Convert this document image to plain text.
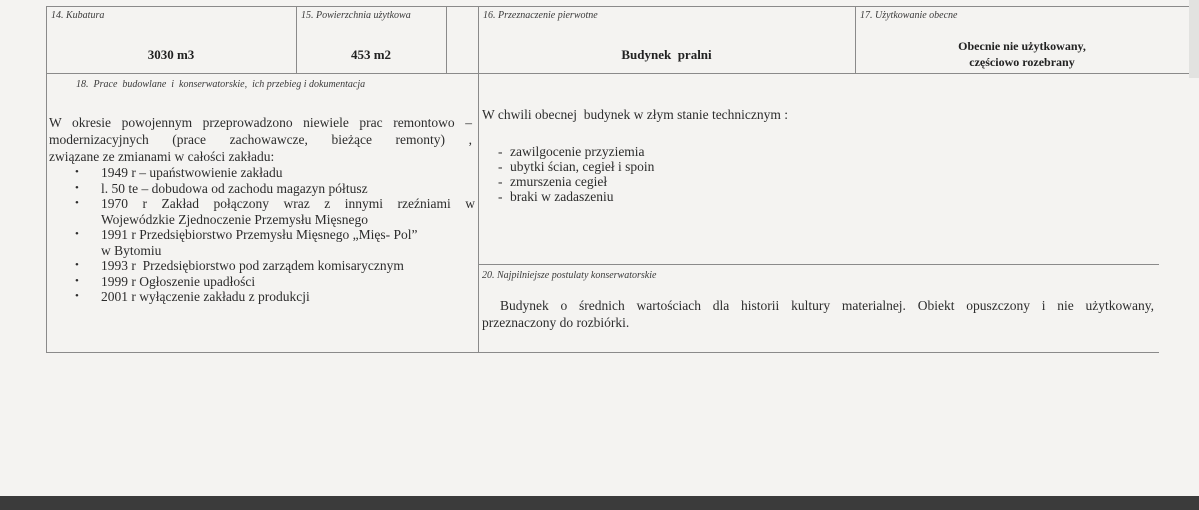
14. Kubatura
3030 m3
15. Powierzchnia użytkowa
453 m2
16. Przeznaczenie pierwotne
Budynek  pralni
17. Użytkowanie obecne
Obecnie nie użytkowany,
częściowo rozebrany
18.  Prace  budowlane  i  konserwatorskie,  ich przebieg i dokumentacja
W okresie powojennym przeprowadzono niewiele prac remontowo –
modernizacyjnych  (prace  zachowawcze,  bieżące  remonty)  ,
związane ze zmianami w całości zakładu:
• 1949 r – upaństwowienie zakładu
• l. 50 te – dobudowa od zachodu magazyn półtusz
• 1970  r  Zakład  połączony  wraz  z  innymi  rzeźniami  w
Wojewódzkie Zjednoczenie Przemysłu Mięsnego
• 1991 r Przedsiębiorstwo Przemysłu Mięsnego „Mięs- Pol”
w Bytomiu
• 1993 r  Przedsiębiorstwo pod zarządem komisarycznym
• 1999 r Ogłoszenie upadłości
• 2001 r wyłączenie zakładu z produkcji
W chwili obecnej  budynek w złym stanie technicznym :
- zawilgocenie przyziemia
- ubytki ścian, cegieł i spoin
- zmurszenia cegieł
- braki w zadaszeniu
20. Najpilniejsze postulaty konserwatorskie
Budynek o średnich wartościach dla historii kultury materialnej. Obiekt opuszczony i nie użytkowany,
przeznaczony do rozbiórki.
